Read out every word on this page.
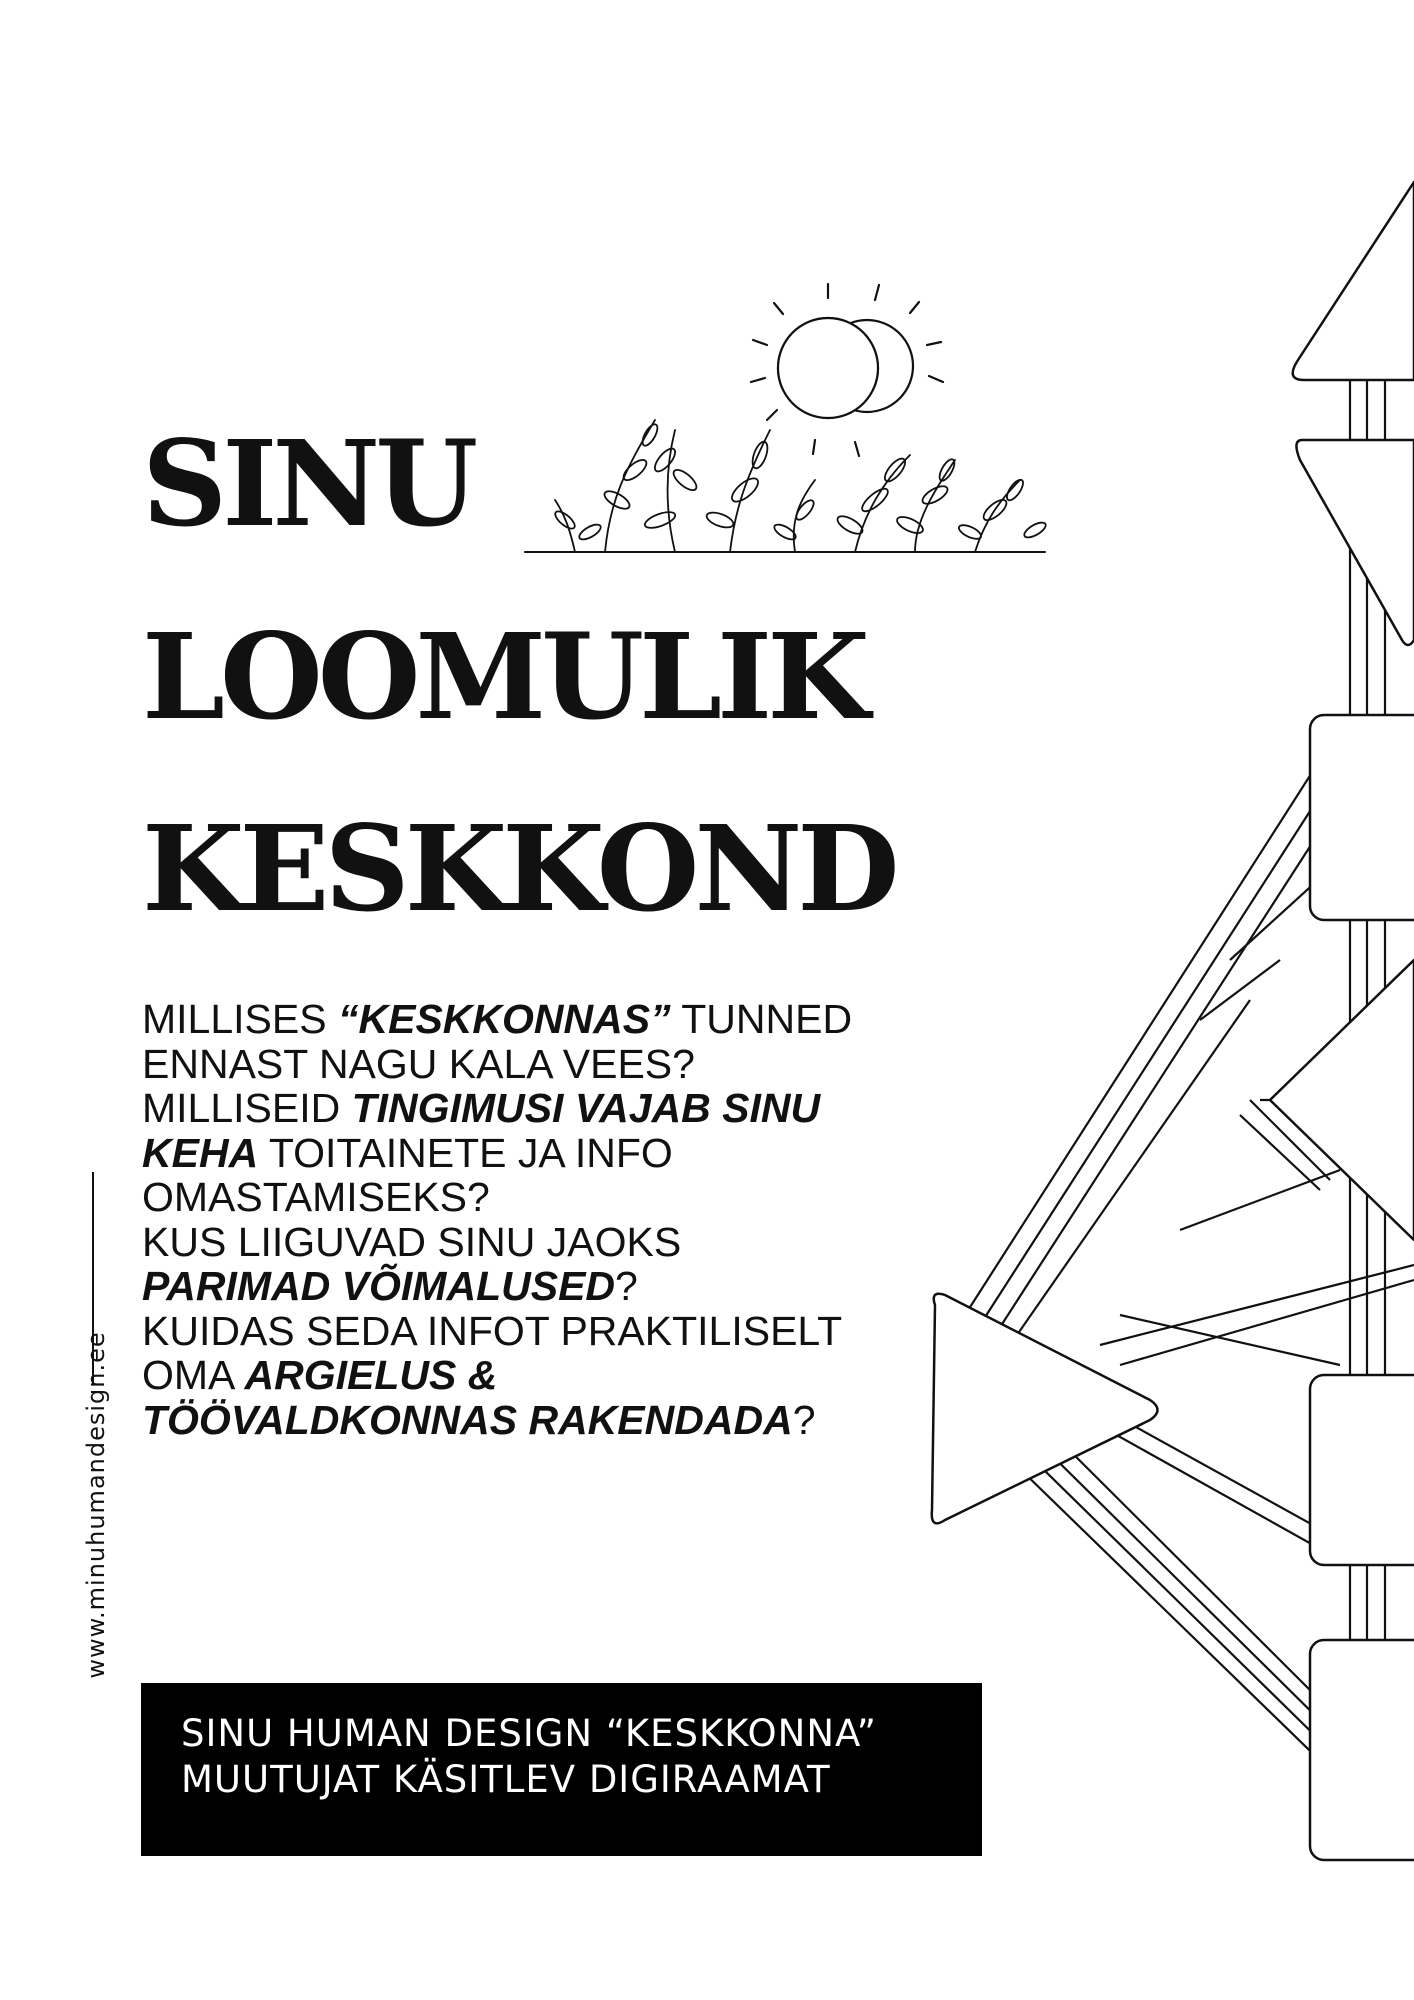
SINU
LOOMULIK
KESKKOND

MILLISES “KESKKONNAS” TUNNED ENNAST NAGU KALA VEES?
MILLISEID TINGIMUSI VAJAB SINU KEHA TOITAINETE JA INFO OMASTAMISEKS?
KUS LIIGUVAD SINU JAOKS PARIMAD VÕIMALUSED?
KUIDAS SEDA INFOT PRAKTILISELT OMA ARGIELUS & TÖÖVALDKONNAS RAKENDADA?

www.minuhumandesign.ee
SINU HUMAN DESIGN “KESKKONNA”
MUUTUJAT KÄSITLEV DIGIRAAMAT
